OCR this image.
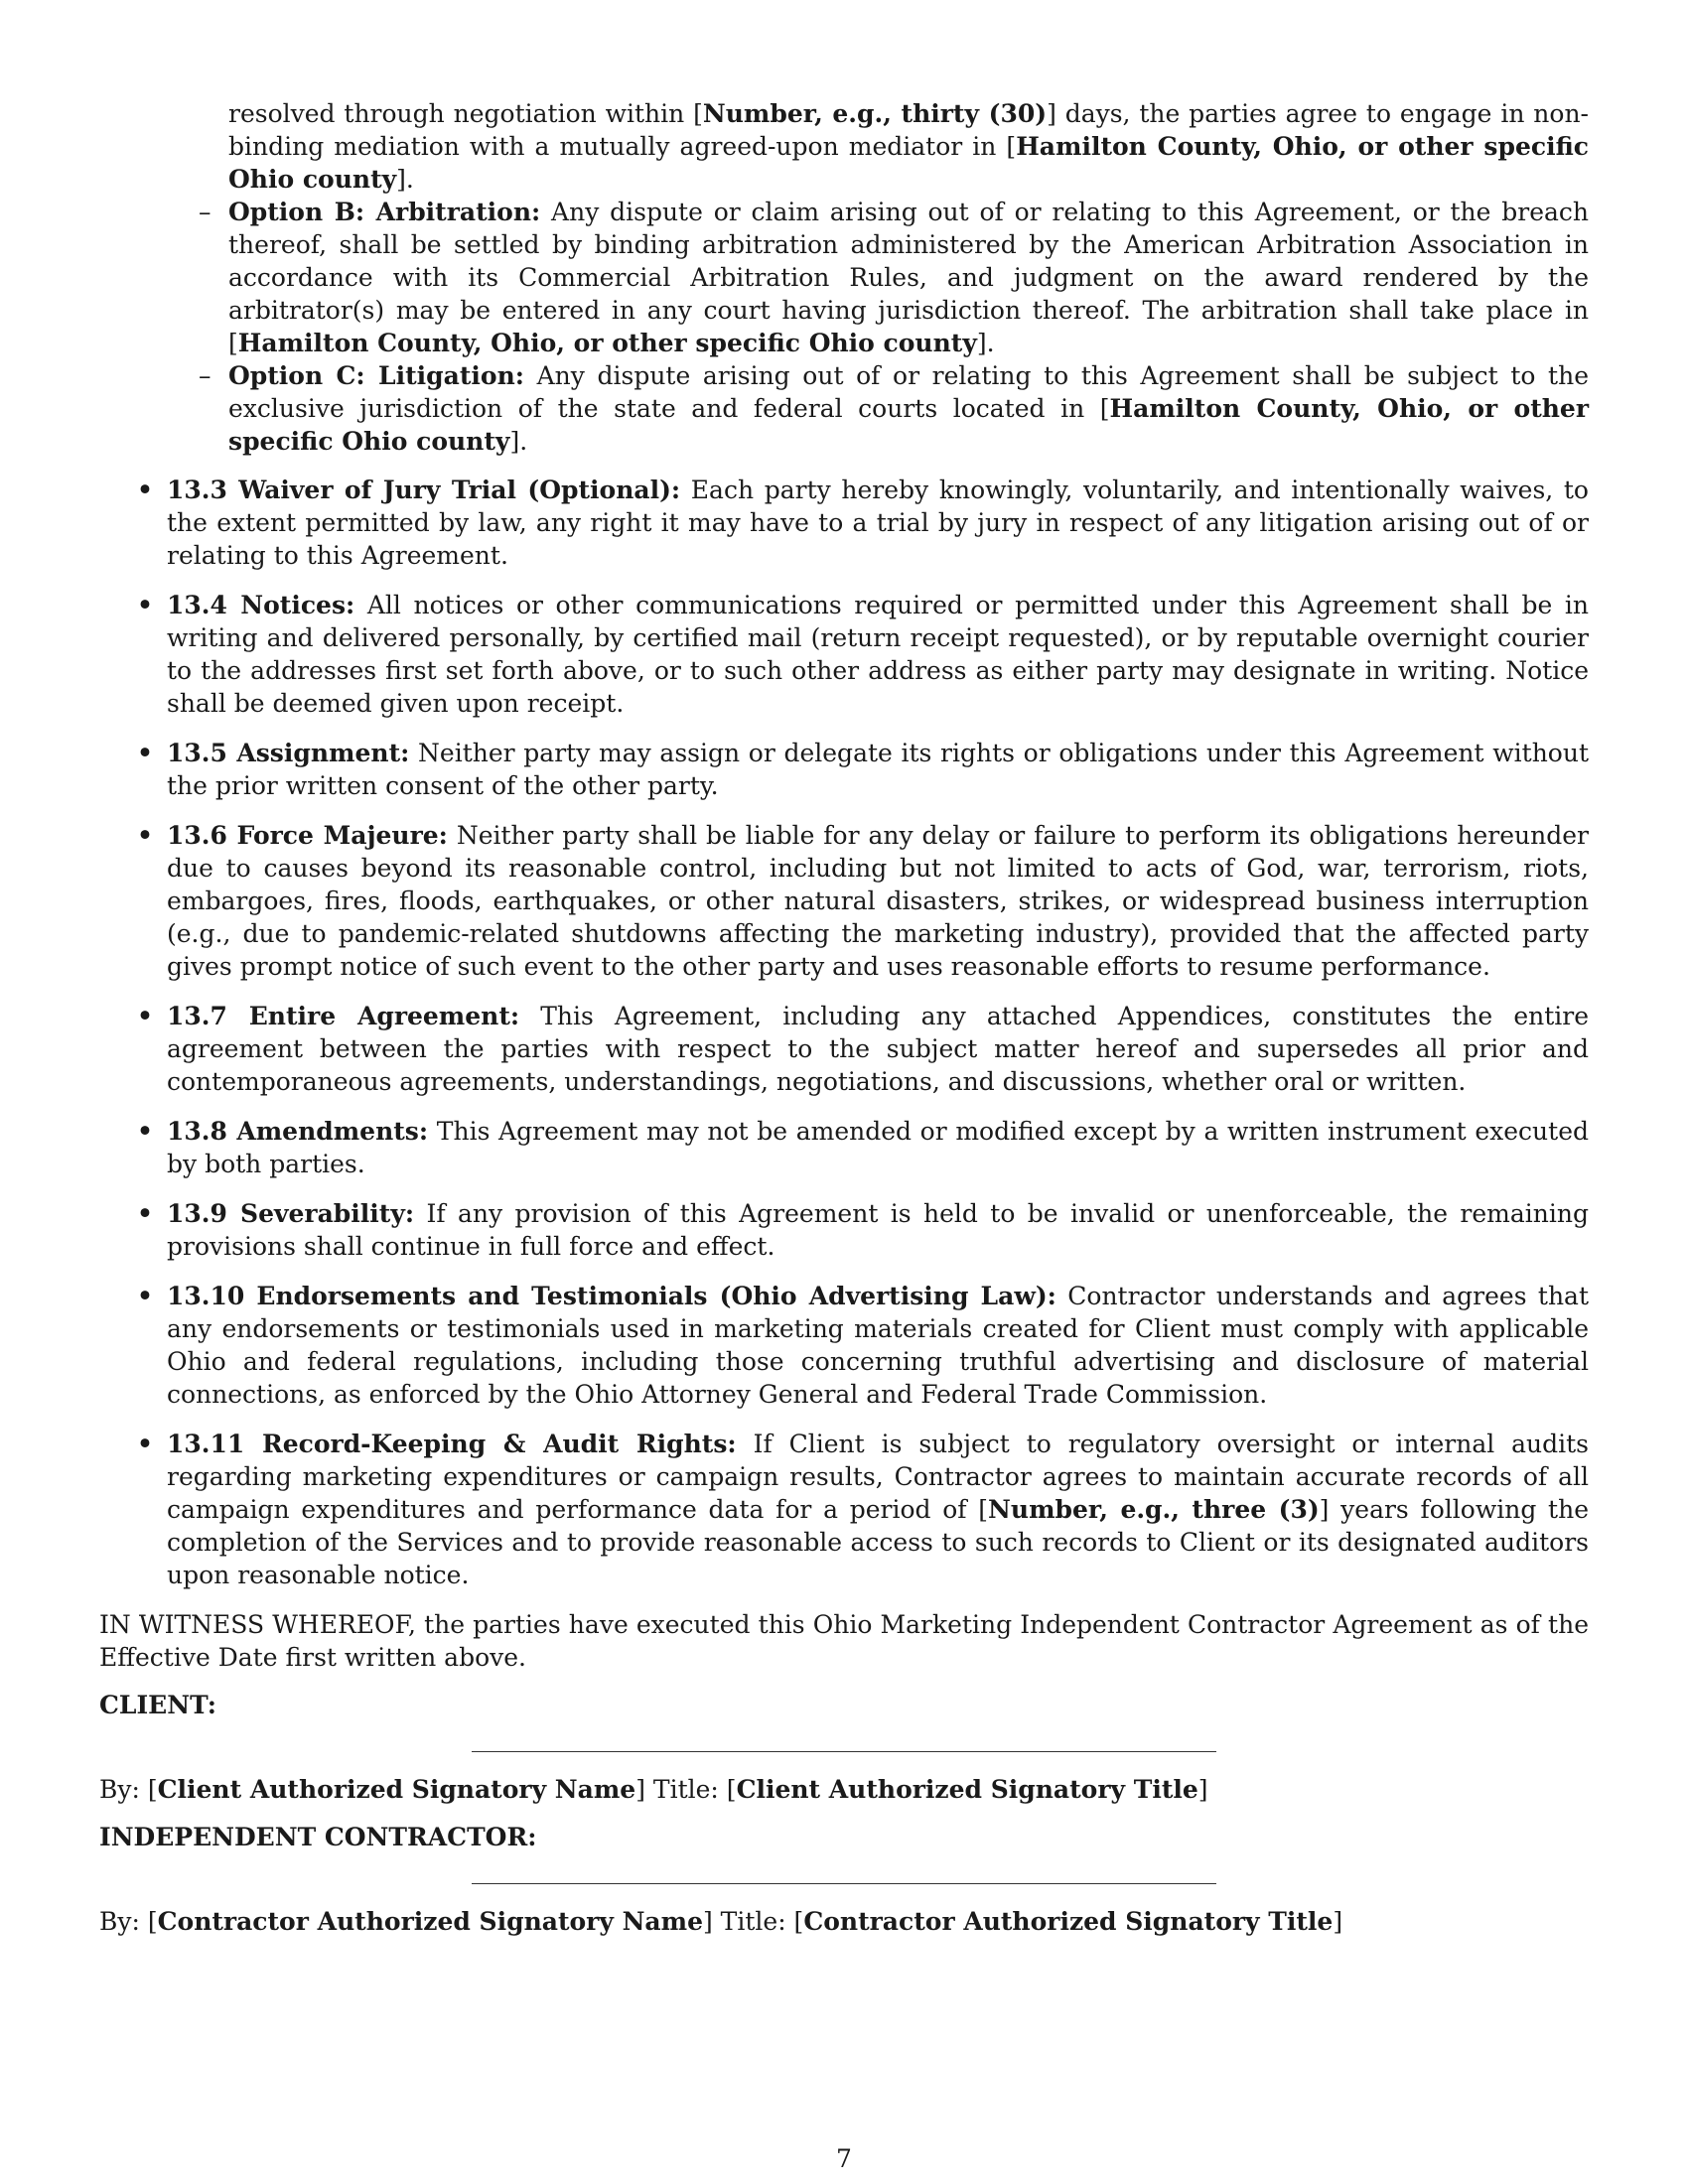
resolved through negotiation within [Number, e.g., thirty (30)] days, the parties agree to engage in non-binding mediation with a mutually agreed-upon mediator in [Hamilton County, Ohio, or other specific Ohio county].

– Option B: Arbitration: Any dispute or claim arising out of or relating to this Agreement, or the breach thereof, shall be settled by binding arbitration administered by the American Arbitration Association in accordance with its Commercial Arbitration Rules, and judgment on the award rendered by the arbitrator(s) may be entered in any court having jurisdiction thereof. The arbitration shall take place in [Hamilton County, Ohio, or other specific Ohio county].
– Option C: Litigation: Any dispute arising out of or relating to this Agreement shall be subject to the exclusive jurisdiction of the state and federal courts located in [Hamilton County, Ohio, or other specific Ohio county].
• 13.3 Waiver of Jury Trial (Optional): Each party hereby knowingly, voluntarily, and intentionally waives, to the extent permitted by law, any right it may have to a trial by jury in respect of any litigation arising out of or relating to this Agreement.
• 13.4 Notices: All notices or other communications required or permitted under this Agreement shall be in writing and delivered personally, by certified mail (return receipt requested), or by reputable overnight courier to the addresses first set forth above, or to such other address as either party may designate in writing. Notice shall be deemed given upon receipt.
• 13.5 Assignment: Neither party may assign or delegate its rights or obligations under this Agreement without the prior written consent of the other party.
• 13.6 Force Majeure: Neither party shall be liable for any delay or failure to perform its obligations hereunder due to causes beyond its reasonable control, including but not limited to acts of God, war, terrorism, riots, embargoes, fires, floods, earthquakes, or other natural disasters, strikes, or widespread business interruption (e.g., due to pandemic-related shutdowns affecting the marketing industry), provided that the affected party gives prompt notice of such event to the other party and uses reasonable efforts to resume performance.
• 13.7 Entire Agreement: This Agreement, including any attached Appendices, constitutes the entire agreement between the parties with respect to the subject matter hereof and supersedes all prior and contemporaneous agreements, understandings, negotiations, and discussions, whether oral or written.
• 13.8 Amendments: This Agreement may not be amended or modified except by a written instrument executed by both parties.
• 13.9 Severability: If any provision of this Agreement is held to be invalid or unenforceable, the remaining provisions shall continue in full force and effect.
• 13.10 Endorsements and Testimonials (Ohio Advertising Law): Contractor understands and agrees that any endorsements or testimonials used in marketing materials created for Client must comply with applicable Ohio and federal regulations, including those concerning truthful advertising and disclosure of material connections, as enforced by the Ohio Attorney General and Federal Trade Commission.
• 13.11 Record-Keeping & Audit Rights: If Client is subject to regulatory oversight or internal audits regarding marketing expenditures or campaign results, Contractor agrees to maintain accurate records of all campaign expenditures and performance data for a period of [Number, e.g., three (3)] years following the completion of the Services and to provide reasonable access to such records to Client or its designated auditors upon reasonable notice.

IN WITNESS WHEREOF, the parties have executed this Ohio Marketing Independent Contractor Agreement as of the Effective Date first written above.

CLIENT:

By: [Client Authorized Signatory Name] Title: [Client Authorized Signatory Title]

INDEPENDENT CONTRACTOR:

By: [Contractor Authorized Signatory Name] Title: [Contractor Authorized Signatory Title]

7
